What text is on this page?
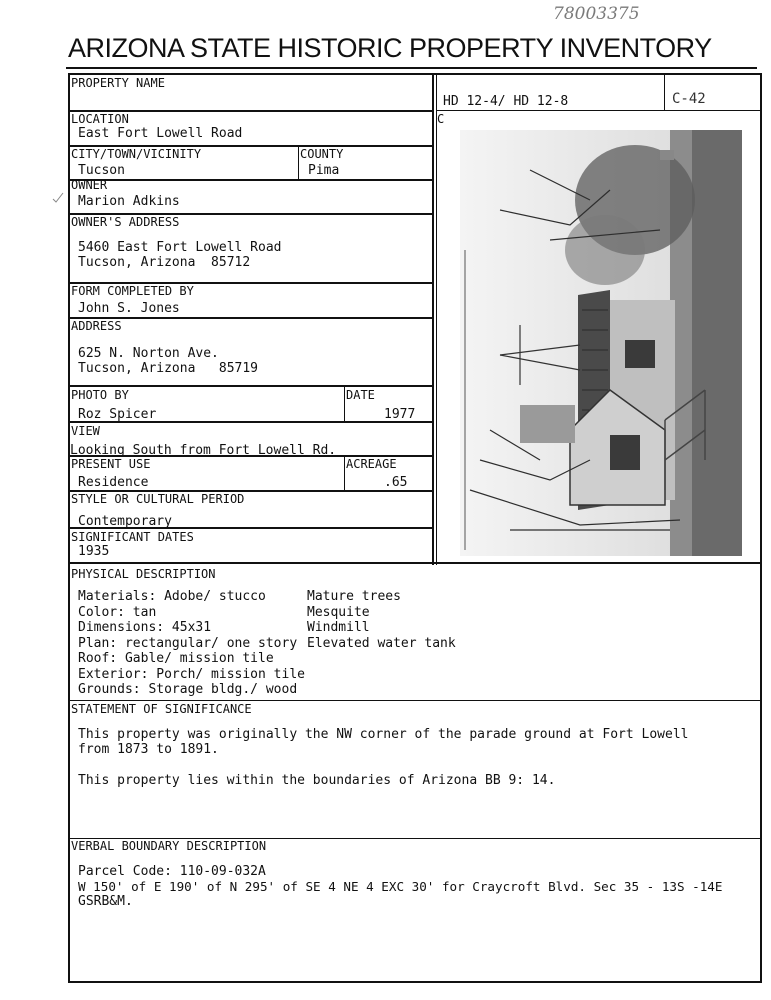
78003375
ARIZONA STATE HISTORIC PROPERTY INVENTORY
PROPERTY NAME
HD 12-4/ HD 12-8	C-42
LOCATION
East Fort Lowell Road
C
CITY/TOWN/VICINITY
Tucson
COUNTY
Pima
OWNER
Marion Adkins
OWNER'S ADDRESS
5460 East Fort Lowell Road
Tucson, Arizona  85712
FORM COMPLETED BY
John S. Jones
ADDRESS
625 N. Norton Ave.
Tucson, Arizona   85719
PHOTO BY
Roz Spicer
DATE
1977
VIEW
Looking South from Fort Lowell Rd.
PRESENT USE
Residence
ACREAGE
.65
STYLE OR CULTURAL PERIOD
Contemporary
SIGNIFICANT DATES
1935
PHYSICAL DESCRIPTION
Materials: Adobe/ stucco
Color: tan
Dimensions: 45x31
Plan: rectangular/ one story
Roof: Gable/ mission tile
Exterior: Porch/ mission tile
Grounds: Storage bldg./ wood
Mature trees
Mesquite
Windmill
Elevated water tank
STATEMENT OF SIGNIFICANCE
This property was originally the NW corner of the parade ground at Fort Lowell
from 1873 to 1891.
This property lies within the boundaries of Arizona BB 9: 14.
VERBAL BOUNDARY DESCRIPTION
Parcel Code: 110-09-032A
W 150' of E 190' of N 295' of SE 4 NE 4 EXC 30' for Craycroft Blvd. Sec 35 - 13S -14E
GSRB&M.
